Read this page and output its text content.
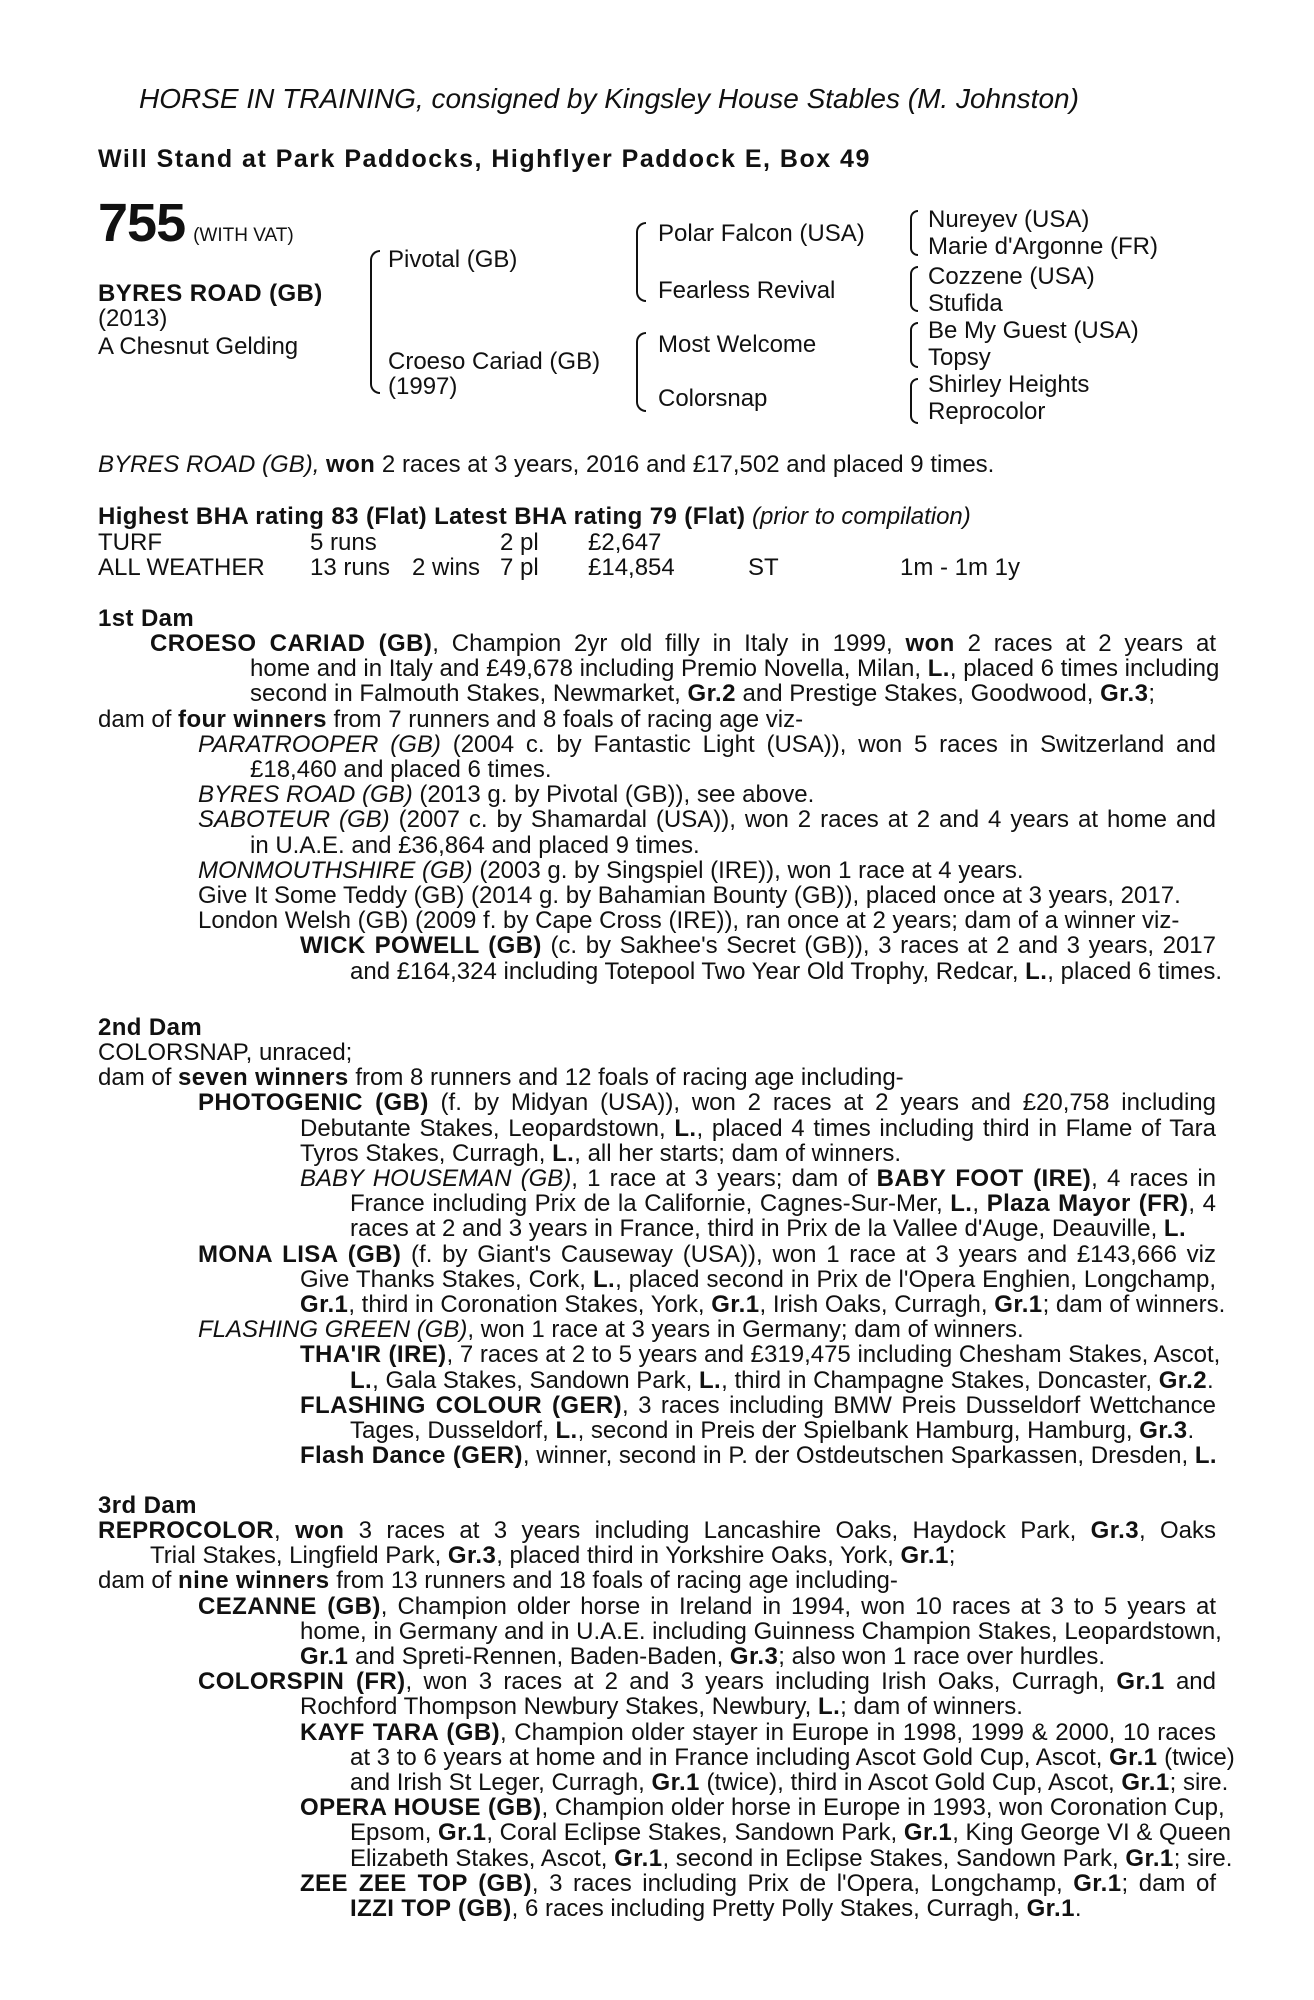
HORSE IN TRAINING, consigned by Kingsley House Stables (M. Johnston)
Will Stand at Park Paddocks, Highflyer Paddock E, Box 49
755 (WITH VAT)
BYRES ROAD (GB)
(2013)
A Chesnut Gelding
Pivotal (GB)
Croeso Cariad (GB)
(1997)
Polar Falcon (USA)
Fearless Revival
Most Welcome
Colorsnap
Nureyev (USA)
Marie d'Argonne (FR)
Cozzene (USA)
Stufida
Be My Guest (USA)
Topsy
Shirley Heights
Reprocolor
BYRES ROAD (GB), won 2 races at 3 years, 2016 and £17,502 and placed 9 times.
Highest BHA rating 83 (Flat) Latest BHA rating 79 (Flat) (prior to compilation)
TURF	5 runs	2 pl £2,647
ALL WEATHER 13 runs 2 wins 7 pl £14,854	ST	1m - 1m 1y
1st Dam
CROESO CARIAD (GB), Champion 2yr old filly in Italy in 1999, won 2 races at 2 years at
home and in Italy and £49,678 including Premio Novella, Milan, L., placed 6 times including
second in Falmouth Stakes, Newmarket, Gr.2 and Prestige Stakes, Goodwood, Gr.3;
dam of four winners from 7 runners and 8 foals of racing age viz-
PARATROOPER (GB) (2004 c. by Fantastic Light (USA)), won 5 races in Switzerland and
£18,460 and placed 6 times.
BYRES ROAD (GB) (2013 g. by Pivotal (GB)), see above.
SABOTEUR (GB) (2007 c. by Shamardal (USA)), won 2 races at 2 and 4 years at home and
in U.A.E. and £36,864 and placed 9 times.
MONMOUTHSHIRE (GB) (2003 g. by Singspiel (IRE)), won 1 race at 4 years.
Give It Some Teddy (GB) (2014 g. by Bahamian Bounty (GB)), placed once at 3 years, 2017.
London Welsh (GB) (2009 f. by Cape Cross (IRE)), ran once at 2 years; dam of a winner viz-
WICK POWELL (GB) (c. by Sakhee's Secret (GB)), 3 races at 2 and 3 years, 2017
and £164,324 including Totepool Two Year Old Trophy, Redcar, L., placed 6 times.
2nd Dam
COLORSNAP, unraced;
dam of seven winners from 8 runners and 12 foals of racing age including-
PHOTOGENIC (GB) (f. by Midyan (USA)), won 2 races at 2 years and £20,758 including
Debutante Stakes, Leopardstown, L., placed 4 times including third in Flame of Tara
Tyros Stakes, Curragh, L., all her starts; dam of winners.
BABY HOUSEMAN (GB), 1 race at 3 years; dam of BABY FOOT (IRE), 4 races in
France including Prix de la Californie, Cagnes-Sur-Mer, L., Plaza Mayor (FR), 4
races at 2 and 3 years in France, third in Prix de la Vallee d'Auge, Deauville, L.
MONA LISA (GB) (f. by Giant's Causeway (USA)), won 1 race at 3 years and £143,666 viz
Give Thanks Stakes, Cork, L., placed second in Prix de l'Opera Enghien, Longchamp,
Gr.1, third in Coronation Stakes, York, Gr.1, Irish Oaks, Curragh, Gr.1; dam of winners.
FLASHING GREEN (GB), won 1 race at 3 years in Germany; dam of winners.
THA'IR (IRE), 7 races at 2 to 5 years and £319,475 including Chesham Stakes, Ascot,
L., Gala Stakes, Sandown Park, L., third in Champagne Stakes, Doncaster, Gr.2.
FLASHING COLOUR (GER), 3 races including BMW Preis Dusseldorf Wettchance
Tages, Dusseldorf, L., second in Preis der Spielbank Hamburg, Hamburg, Gr.3.
Flash Dance (GER), winner, second in P. der Ostdeutschen Sparkassen, Dresden, L.
3rd Dam
REPROCOLOR, won 3 races at 3 years including Lancashire Oaks, Haydock Park, Gr.3, Oaks
Trial Stakes, Lingfield Park, Gr.3, placed third in Yorkshire Oaks, York, Gr.1;
dam of nine winners from 13 runners and 18 foals of racing age including-
CEZANNE (GB), Champion older horse in Ireland in 1994, won 10 races at 3 to 5 years at
home, in Germany and in U.A.E. including Guinness Champion Stakes, Leopardstown,
Gr.1 and Spreti-Rennen, Baden-Baden, Gr.3; also won 1 race over hurdles.
COLORSPIN (FR), won 3 races at 2 and 3 years including Irish Oaks, Curragh, Gr.1 and
Rochford Thompson Newbury Stakes, Newbury, L.; dam of winners.
KAYF TARA (GB), Champion older stayer in Europe in 1998, 1999 & 2000, 10 races
at 3 to 6 years at home and in France including Ascot Gold Cup, Ascot, Gr.1 (twice)
and Irish St Leger, Curragh, Gr.1 (twice), third in Ascot Gold Cup, Ascot, Gr.1; sire.
OPERA HOUSE (GB), Champion older horse in Europe in 1993, won Coronation Cup,
Epsom, Gr.1, Coral Eclipse Stakes, Sandown Park, Gr.1, King George VI & Queen
Elizabeth Stakes, Ascot, Gr.1, second in Eclipse Stakes, Sandown Park, Gr.1; sire.
ZEE ZEE TOP (GB), 3 races including Prix de l'Opera, Longchamp, Gr.1; dam of
IZZI TOP (GB), 6 races including Pretty Polly Stakes, Curragh, Gr.1.
